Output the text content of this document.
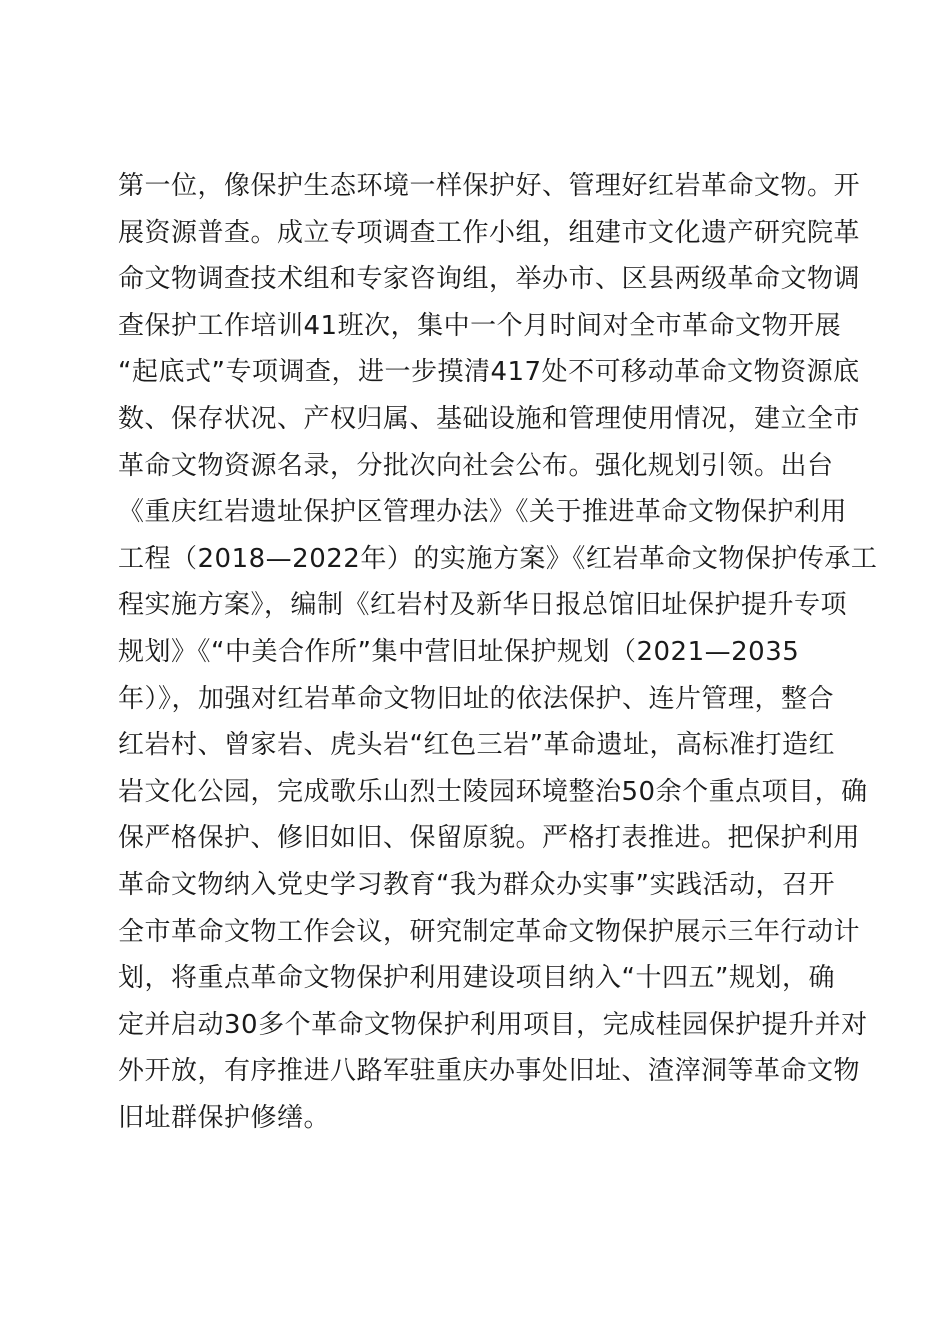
第一位，像保护生态环境一样保护好、管理好红岩革命文物。开
展资源普查。成立专项调查工作小组，组建市文化遗产研究院革
命文物调查技术组和专家咨询组，举办市、区县两级革命文物调
查保护工作培训41班次，集中一个月时间对全市革命文物开展
“起底式”专项调查，进一步摸清417处不可移动革命文物资源底
数、保存状况、产权归属、基础设施和管理使用情况，建立全市
革命文物资源名录，分批次向社会公布。强化规划引领。出台
《重庆红岩遗址保护区管理办法》《关于推进革命文物保护利用
工程（2018—2022年）的实施方案》《红岩革命文物保护传承工
程实施方案》，编制《红岩村及新华日报总馆旧址保护提升专项
规划》《“中美合作所”集中营旧址保护规划（2021—2035
年）》，加强对红岩革命文物旧址的依法保护、连片管理，整合
红岩村、曾家岩、虎头岩“红色三岩”革命遗址，高标准打造红
岩文化公园，完成歌乐山烈士陵园环境整治50余个重点项目，确
保严格保护、修旧如旧、保留原貌。严格打表推进。把保护利用
革命文物纳入党史学习教育“我为群众办实事”实践活动，召开
全市革命文物工作会议，研究制定革命文物保护展示三年行动计
划，将重点革命文物保护利用建设项目纳入“十四五”规划，确
定并启动30多个革命文物保护利用项目，完成桂园保护提升并对
外开放，有序推进八路军驻重庆办事处旧址、渣滓洞等革命文物
旧址群保护修缮。
